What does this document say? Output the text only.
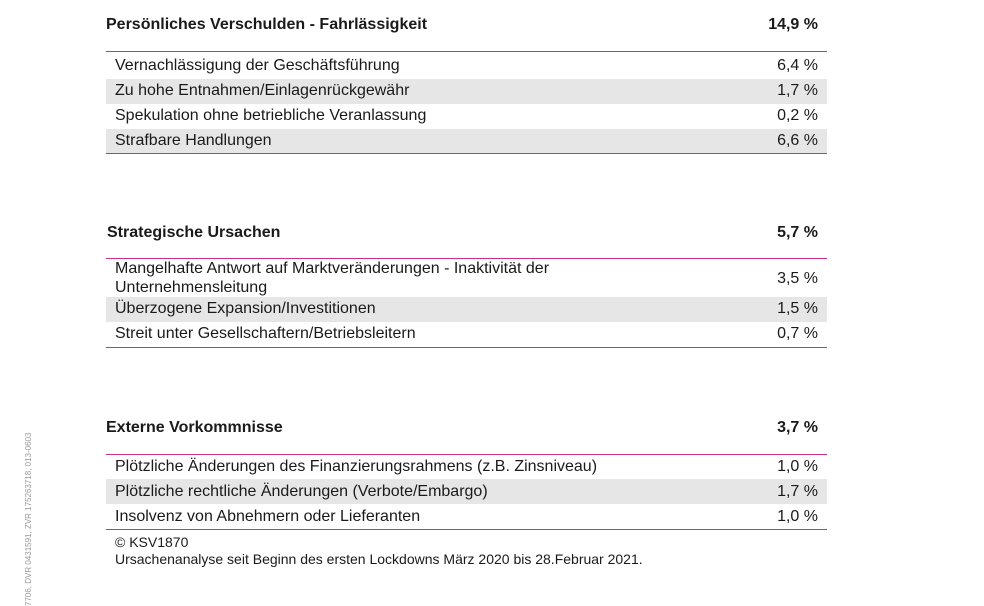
Persönliches Verschulden - Fahrlässigkeit	14,9 %
Vernachlässigung der Geschäftsführung	6,4 %
Zu hohe Entnahmen/Einlagenrückgewähr	1,7 %
Spekulation ohne betriebliche Veranlassung	0,2 %
Strafbare Handlungen	6,6 %
Strategische Ursachen	5,7 %
Mangelhafte Antwort auf Marktveränderungen - Inaktivität der
Unternehmensleitung
3,5 %
Überzogene Expansion/Investitionen	1,5 %
Streit unter Gesellschaftern/Betriebsleitern	0,7 %
Externe Vorkommnisse	3,7 %
Plötzliche Änderungen des Finanzierungsrahmens (z.B. Zinsniveau)	1,0 %
Plötzliche rechtliche Änderungen (Verbote/Embargo)	1,7 %
Insolvenz von Abnehmern oder Lieferanten	1,0 %
© KSV1870
Ursachenanalyse seit Beginn des ersten Lockdowns März 2020 bis 28.Februar 2021.
7706, DVR 0431591, ZVR 175263718, 013-0603
